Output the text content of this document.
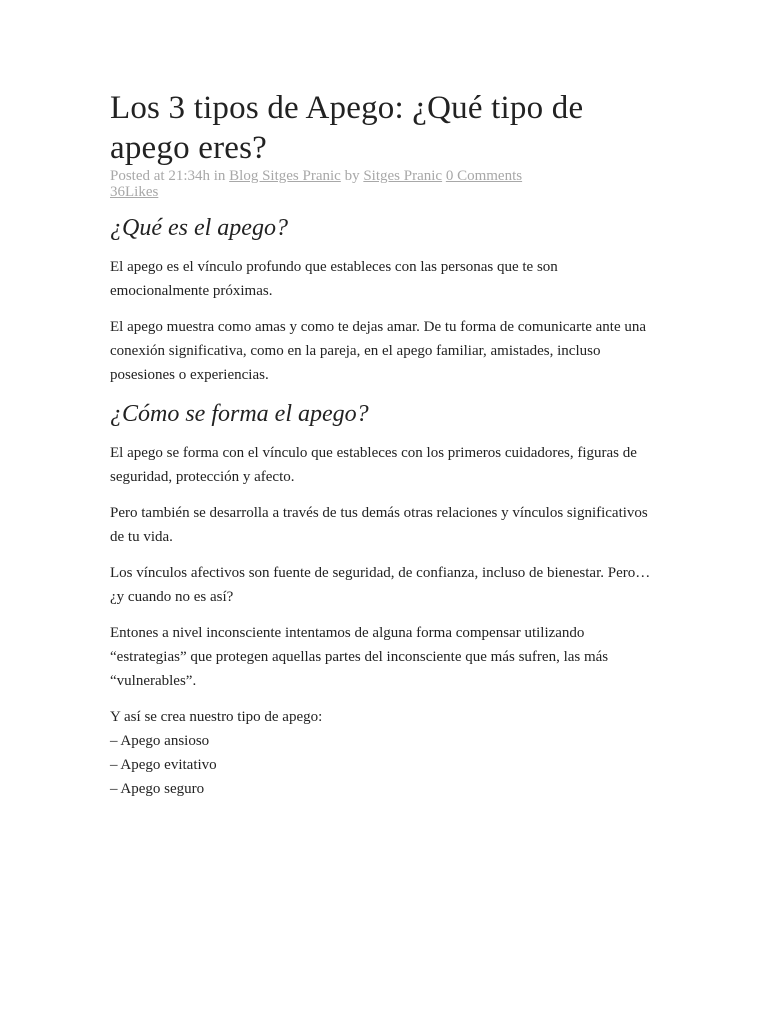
Los 3 tipos de Apego: ¿Qué tipo de apego eres?
Posted at 21:34h in Blog Sitges Pranic by Sitges Pranic 0 Comments
36Likes
¿Qué es el apego?

El apego es el vínculo profundo que estableces con las personas que te son emocionalmente próximas.

El apego muestra como amas y como te dejas amar. De tu forma de comunicarte ante una conexión significativa, como en la pareja, en el apego familiar, amistades, incluso posesiones o experiencias.

¿Cómo se forma el apego?

El apego se forma con el vínculo que estableces con los primeros cuidadores, figuras de seguridad, protección y afecto.

Pero también se desarrolla a través de tus demás otras relaciones y vínculos significativos de tu vida.

Los vínculos afectivos son fuente de seguridad, de confianza, incluso de bienestar. Pero… ¿y cuando no es así?

Entones a nivel inconsciente intentamos de alguna forma compensar utilizando “estrategias” que protegen aquellas partes del inconsciente que más sufren, las más “vulnerables”.

Y así se crea nuestro tipo de apego:

– Apego ansioso

– Apego evitativo

– Apego seguro
